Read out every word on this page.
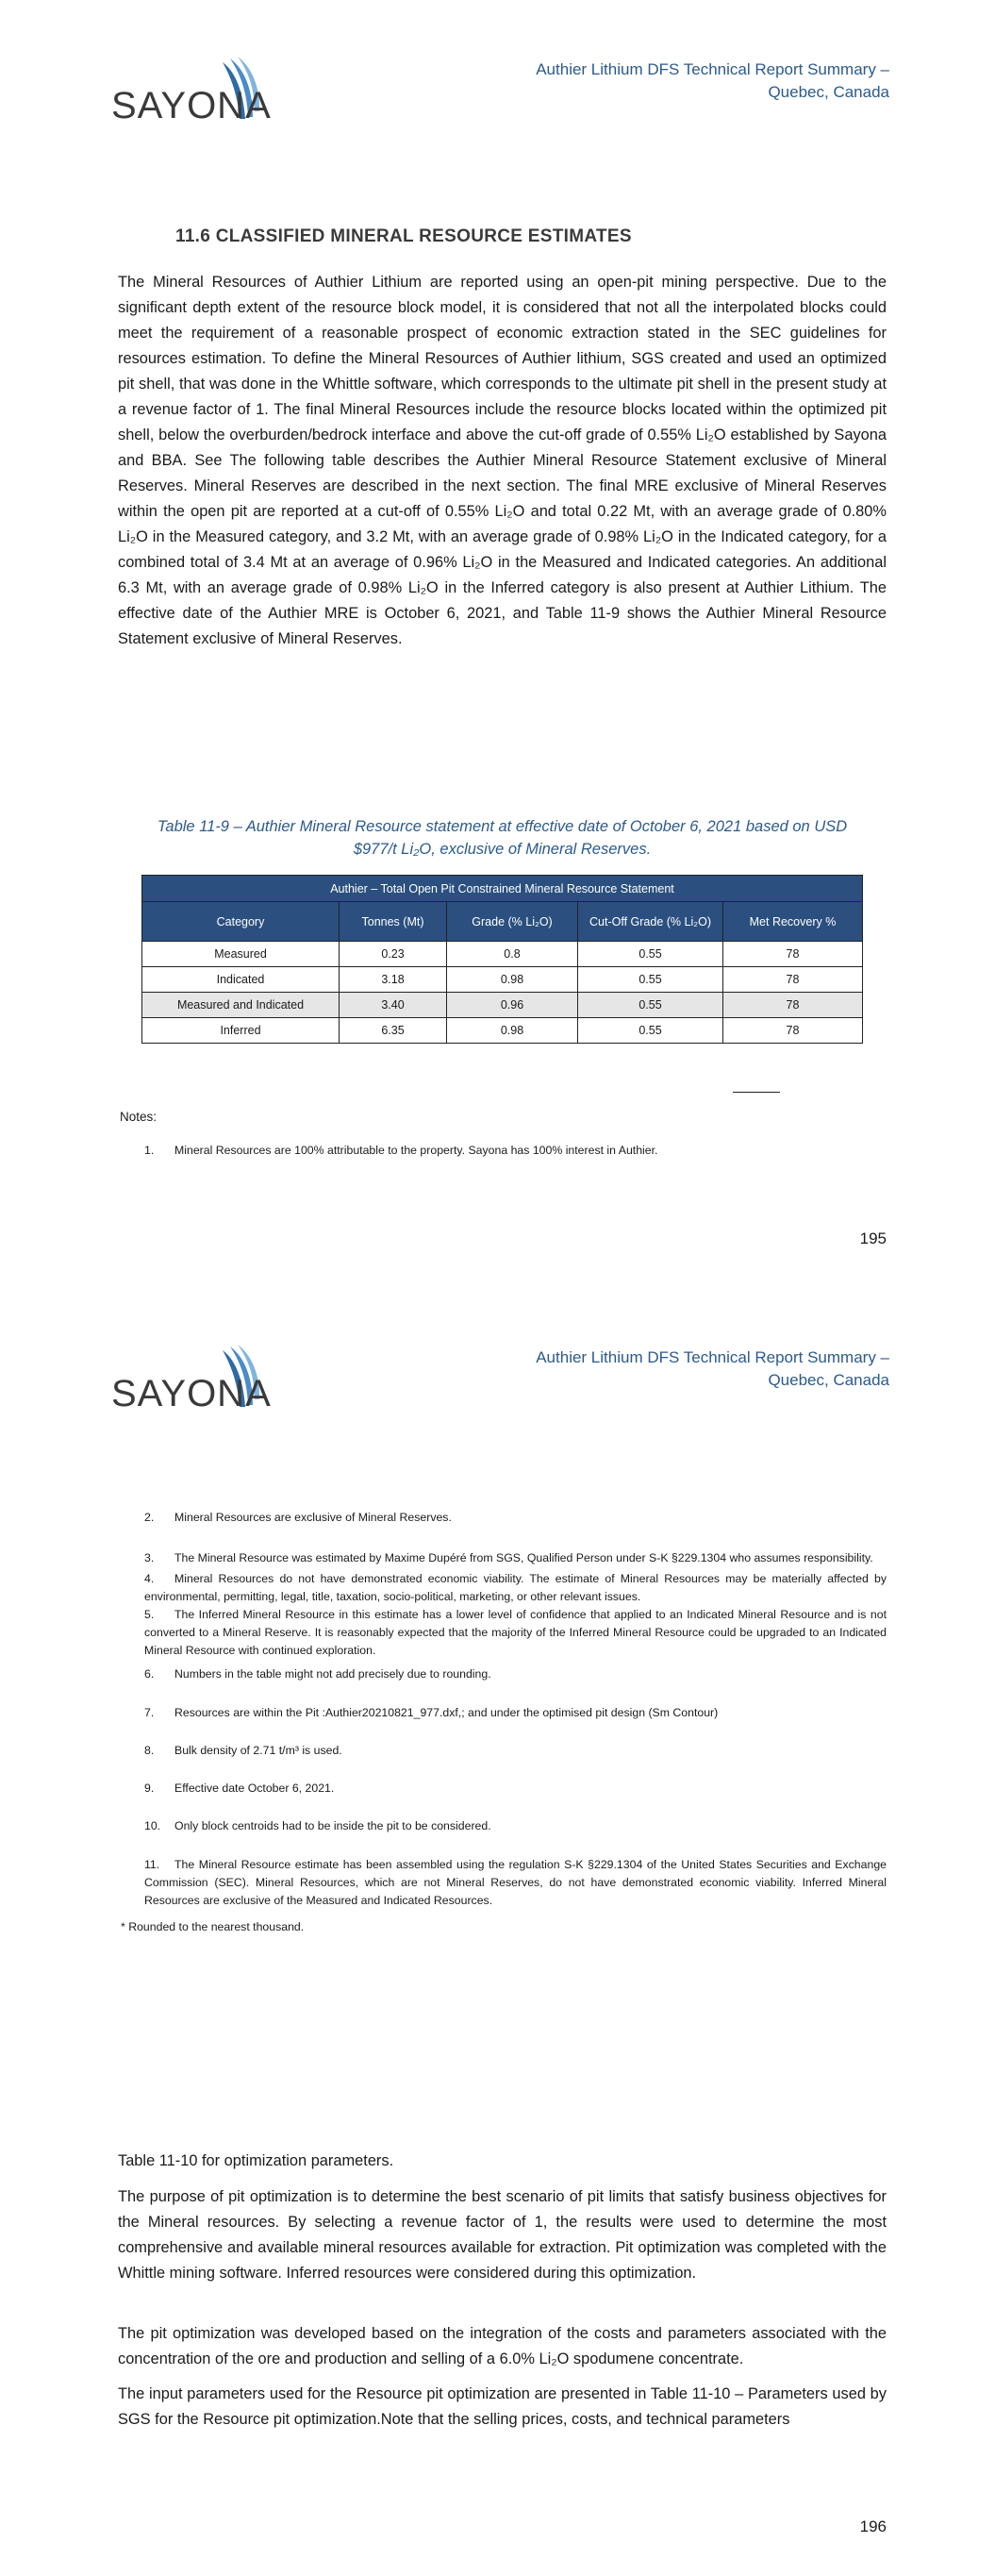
SAYONA
Authier Lithium DFS Technical Report Summary –
Quebec, Canada
11.6 CLASSIFIED MINERAL RESOURCE ESTIMATES
The Mineral Resources of Authier Lithium are reported using an open-pit mining perspective. Due to the significant depth extent of the resource block model, it is considered that not all the interpolated blocks could meet the requirement of a reasonable prospect of economic extraction stated in the SEC guidelines for resources estimation. To define the Mineral Resources of Authier lithium, SGS created and used an optimized pit shell, that was done in the Whittle software, which corresponds to the ultimate pit shell in the present study at a revenue factor of 1. The final Mineral Resources include the resource blocks located within the optimized pit shell, below the overburden/bedrock interface and above the cut-off grade of 0.55% Li₂O established by Sayona and BBA. See The following table describes the Authier Mineral Resource Statement exclusive of Mineral Reserves. Mineral Reserves are described in the next section. The final MRE exclusive of Mineral Reserves within the open pit are reported at a cut-off of 0.55% Li₂O and total 0.22 Mt, with an average grade of 0.80% Li₂O in the Measured category, and 3.2 Mt, with an average grade of 0.98% Li₂O in the Indicated category, for a combined total of 3.4 Mt at an average of 0.96% Li₂O in the Measured and Indicated categories. An additional 6.3 Mt, with an average grade of 0.98% Li₂O in the Inferred category is also present at Authier Lithium. The effective date of the Authier MRE is October 6, 2021, and Table 11-9 shows the Authier Mineral Resource Statement exclusive of Mineral Reserves.
Table 11-9 – Authier Mineral Resource statement at effective date of October 6, 2021 based on USD
$977/t Li₂O, exclusive of Mineral Reserves.
Authier – Total Open Pit Constrained Mineral Resource Statement				
Category	Tonnes (Mt)	Grade (% Li₂O)	Cut-Off Grade (% Li₂O)	Met Recovery %
Measured	0.23	0.8	0.55	78
Indicated	3.18	0.98	0.55	78
Measured and Indicated	3.40	0.96	0.55	78
Inferred	6.35	0.98	0.55	78
Notes:
1. Mineral Resources are 100% attributable to the property. Sayona has 100% interest in Authier.
195
SAYONA
Authier Lithium DFS Technical Report Summary –
Quebec, Canada
2. Mineral Resources are exclusive of Mineral Reserves.
3. The Mineral Resource was estimated by Maxime Dupéré from SGS, Qualified Person under S-K §229.1304 who assumes responsibility.
4. Mineral Resources do not have demonstrated economic viability. The estimate of Mineral Resources may be materially affected by environmental, permitting, legal, title, taxation, socio-political, marketing, or other relevant issues.
5. The Inferred Mineral Resource in this estimate has a lower level of confidence that applied to an Indicated Mineral Resource and is not converted to a Mineral Reserve. It is reasonably expected that the majority of the Inferred Mineral Resource could be upgraded to an Indicated Mineral Resource with continued exploration.
6. Numbers in the table might not add precisely due to rounding.
7. Resources are within the Pit :Authier20210821_977.dxf,; and under the optimised pit design (Sm Contour)
8. Bulk density of 2.71 t/m³ is used.
9. Effective date October 6, 2021.
10. Only block centroids had to be inside the pit to be considered.
11. The Mineral Resource estimate has been assembled using the regulation S-K §229.1304 of the United States Securities and Exchange Commission (SEC). Mineral Resources, which are not Mineral Reserves, do not have demonstrated economic viability. Inferred Mineral Resources are exclusive of the Measured and Indicated Resources.
* Rounded to the nearest thousand.
Table 11-10 for optimization parameters.
The purpose of pit optimization is to determine the best scenario of pit limits that satisfy business objectives for the Mineral resources. By selecting a revenue factor of 1, the results were used to determine the most comprehensive and available mineral resources available for extraction. Pit optimization was completed with the Whittle mining software. Inferred resources were considered during this optimization.
The pit optimization was developed based on the integration of the costs and parameters associated with the concentration of the ore and production and selling of a 6.0% Li₂O spodumene concentrate.
The input parameters used for the Resource pit optimization are presented in Table 11-10 – Parameters used by SGS for the Resource pit optimization.Note that the selling prices, costs, and technical parameters
196
